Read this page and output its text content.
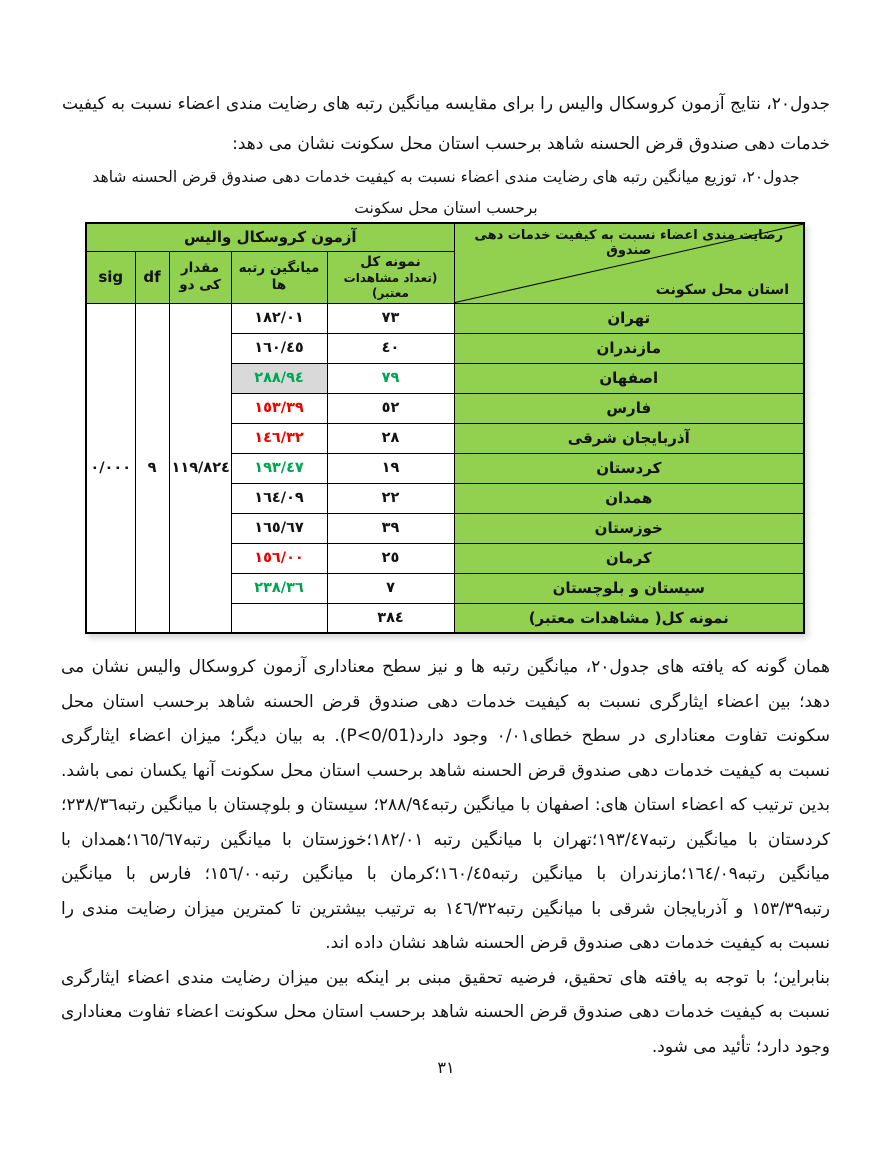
جدول٢٠، نتایج آزمون کروسکال والیس را برای مقایسه میانگین رتبه های رضایت مندی اعضاء نسبت به کیفیت خدمات دهی صندوق قرض الحسنه شاهد برحسب استان محل سکونت نشان می دهد:
جدول٢٠، توزیع میانگین رتبه های رضایت مندی اعضاء نسبت به کیفیت خدمات دهی صندوق قرض الحسنه شاهد
برحسب استان محل سکونت
آزمون کروسکال والیس					رضایت مندی اعضاء نسبت به کیفیت خدمات دهی صندوق
استان محل سکونت

sig	df	مقدار کی دو	میانگین رتبه ها	نمونه کل
(تعداد مشاهدات معتبر)	

٠/٠٠٠	٩	١١٩/٨٢٤	١٨٢/٠١	٧٣	تهران
			١٦٠/٤٥	٤٠	مازندران
			٢٨٨/٩٤	٧٩	اصفهان
			١٥٣/٣٩	٥٢	فارس
			١٤٦/٣٢	٢٨	آذربایجان شرقی
			١٩٣/٤٧	١٩	کردستان
			١٦٤/٠٩	٢٢	همدان
			١٦٥/٦٧	٣٩	خوزستان
			١٥٦/٠٠	٢٥	کرمان
			٢٣٨/٣٦	٧	سیستان و بلوچستان
				٣٨٤	نمونه کل( مشاهدات معتبر)

همان گونه که یافته های جدول٢٠، میانگین رتبه ها و نیز سطح معناداری آزمون کروسکال والیس نشان می دهد؛ بین اعضاء ایثارگری نسبت به کیفیت خدمات دهی صندوق قرض الحسنه شاهد برحسب استان محل سکونت تفاوت معناداری در سطح خطای٠/٠١ وجود دارد⁦(P<0/01)⁩. به بیان دیگر؛ میزان اعضاء ایثارگری نسبت به کیفیت خدمات دهی صندوق قرض الحسنه شاهد برحسب استان محل سکونت آنها یکسان نمی باشد. بدین ترتیب که اعضاء استان های: اصفهان با میانگین رتبه٢٨٨/٩٤؛ سیستان و بلوچستان با میانگین رتبه٢٣٨/٣٦؛کردستان با میانگین رتبه١٩٣/٤٧؛تهران با میانگین رتبه ١٨٢/٠١؛خوزستان با میانگین رتبه١٦٥/٦٧؛همدان با میانگین رتبه١٦٤/٠٩؛مازندران با میانگین رتبه١٦٠/٤٥؛کرمان با میانگین رتبه١٥٦/٠٠؛ فارس با میانگین رتبه١٥٣/٣٩ و آذربایجان شرقی با میانگین رتبه١٤٦/٣٢ به ترتیب بیشترین تا کمترین میزان رضایت مندی را نسبت به کیفیت خدمات دهی صندوق قرض الحسنه شاهد نشان داده اند.

بنابراین؛ با توجه به یافته های تحقیق، فرضیه تحقیق مبنی بر اینکه بین میزان رضایت مندی اعضاء ایثارگری نسبت به کیفیت خدمات دهی صندوق قرض الحسنه شاهد برحسب استان محل سکونت اعضاء تفاوت معناداری وجود دارد؛ تأئید می شود.

٣١
